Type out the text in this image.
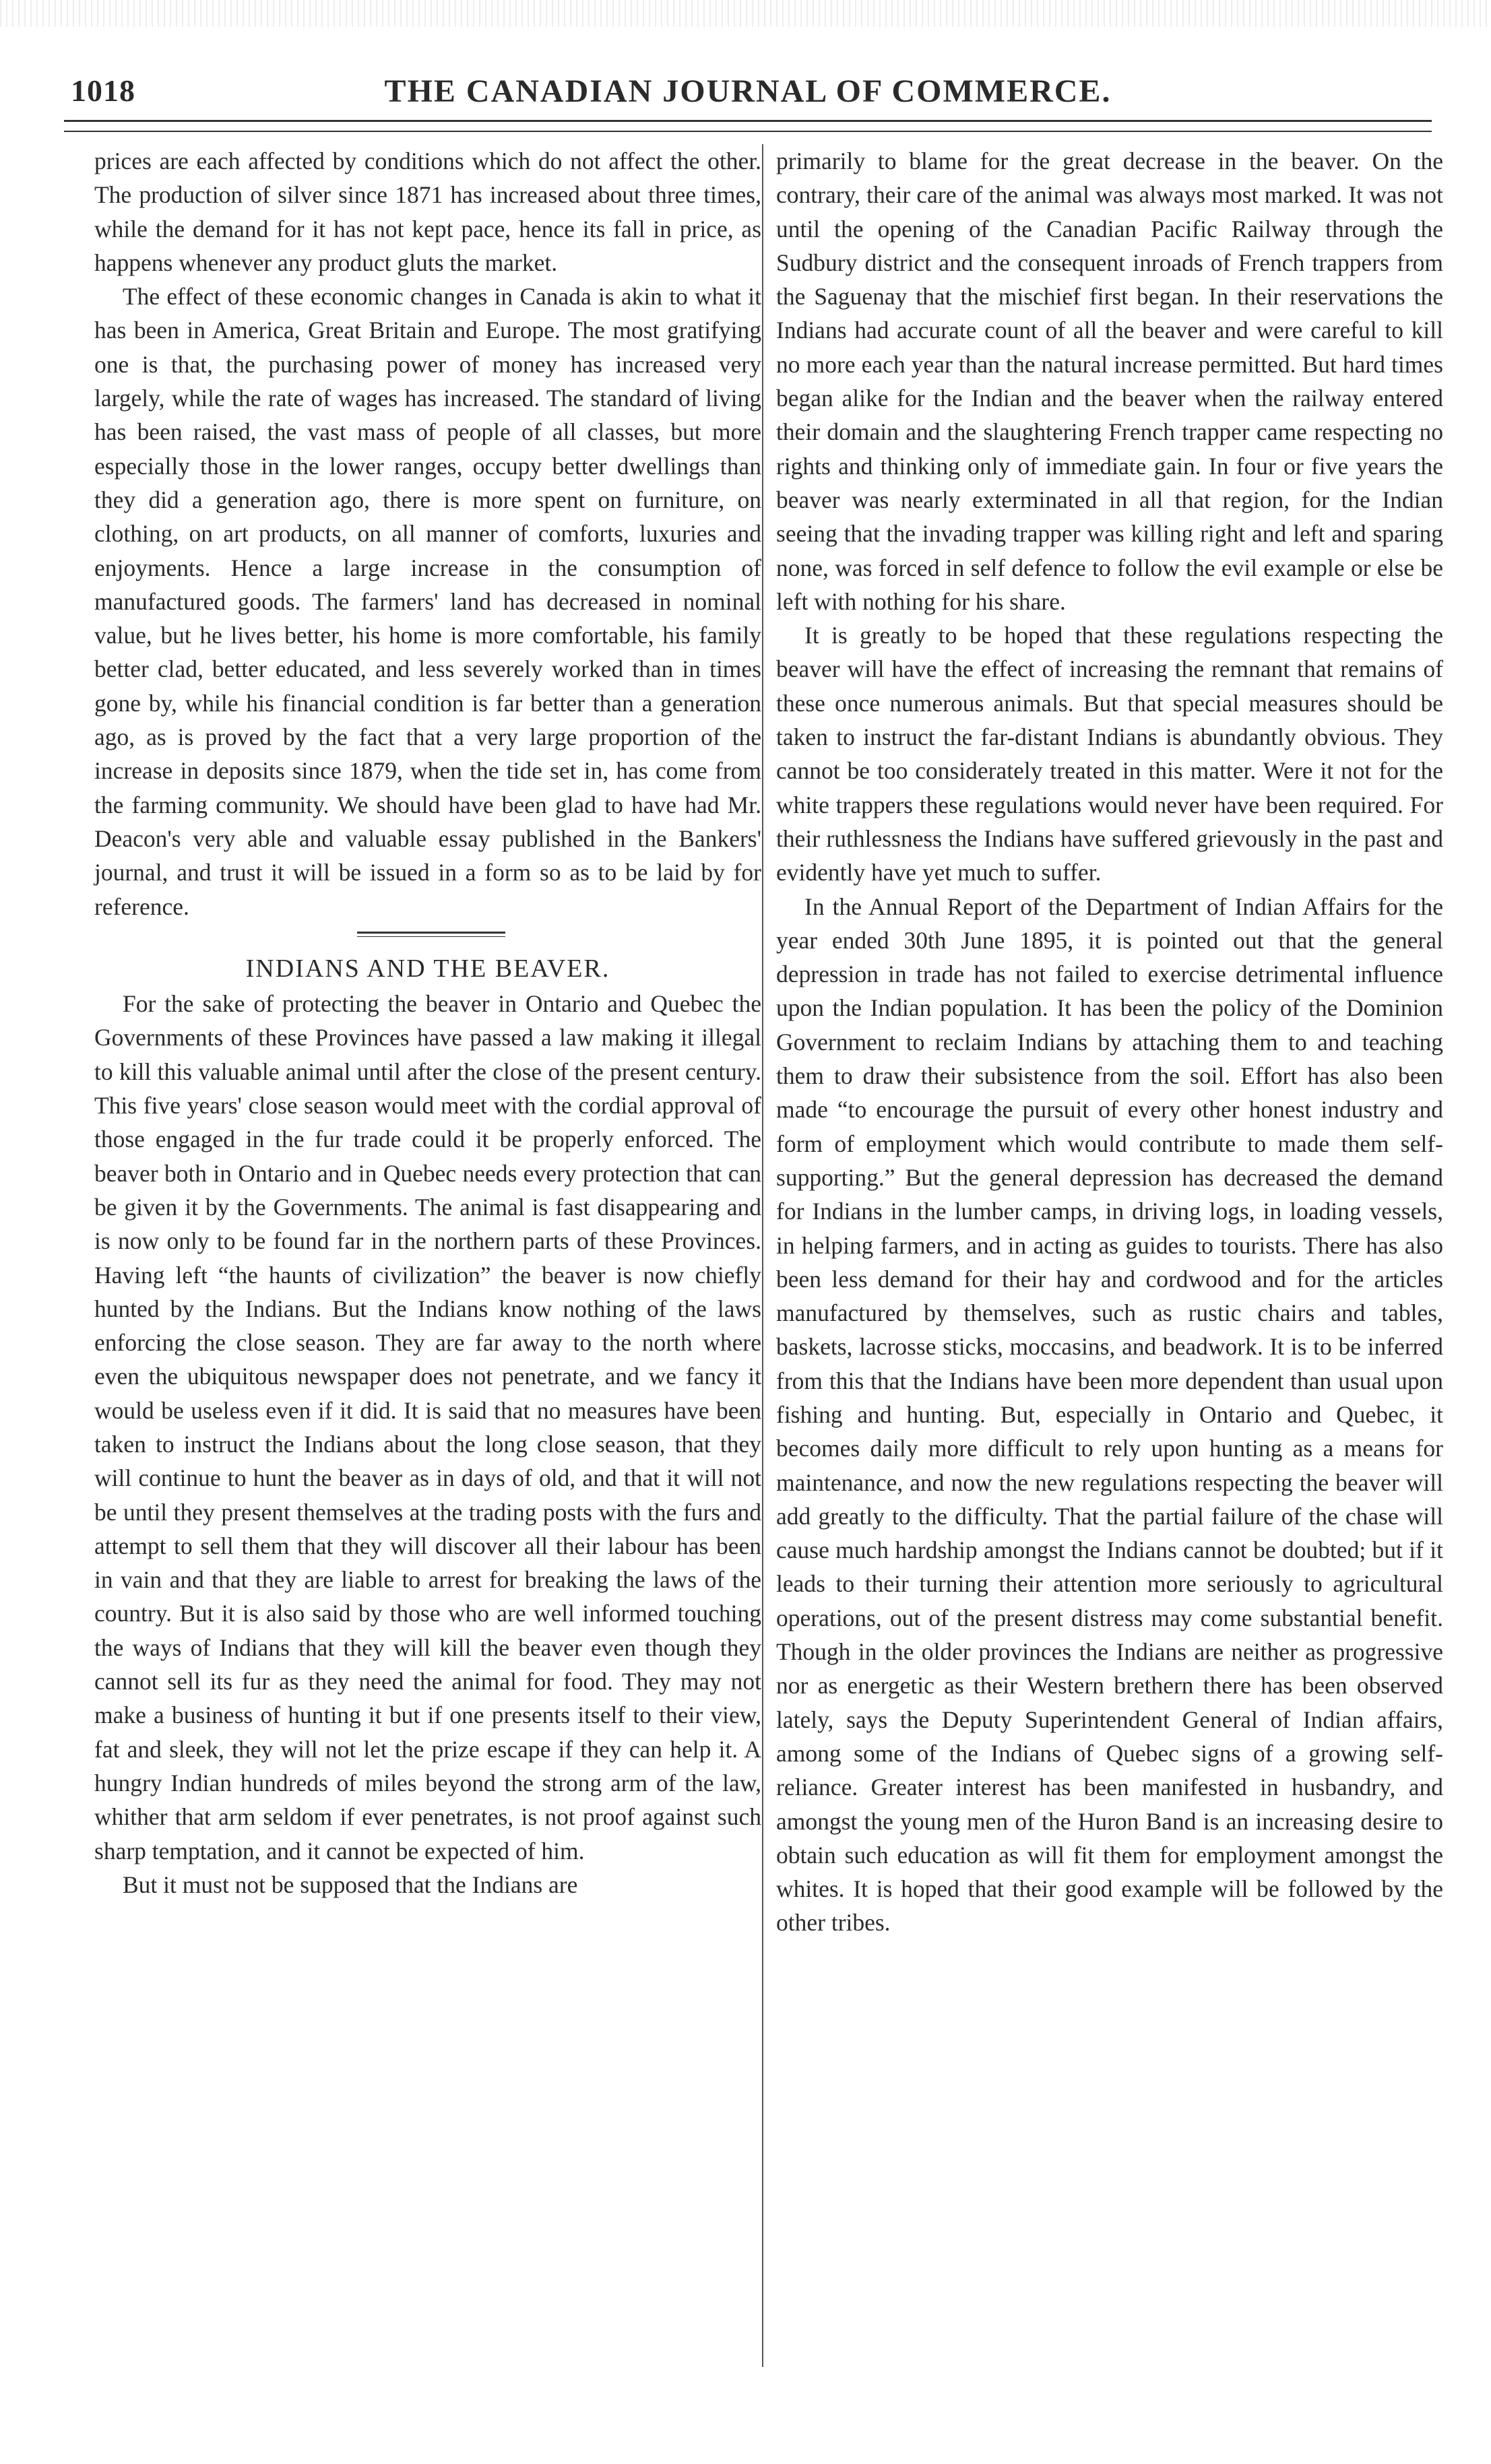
1018	THE CANADIAN JOURNAL OF COMMERCE.

prices are each affected by conditions which do not affect the other. The production of silver since 1871 has increased about three times, while the demand for it has not kept pace, hence its fall in price, as happens whenever any product gluts the market.

The effect of these economic changes in Canada is akin to what it has been in America, Great Britain and Europe. The most gratifying one is that, the purchasing power of money has increased very largely, while the rate of wages has increased. The standard of living has been raised, the vast mass of people of all classes, but more especially those in the lower ranges, occupy better dwellings than they did a generation ago, there is more spent on furniture, on clothing, on art products, on all manner of comforts, luxuries and enjoyments. Hence a large increase in the consumption of manufactured goods. The farmers' land has decreased in nominal value, but he lives better, his home is more comfortable, his family better clad, better educated, and less severely worked than in times gone by, while his financial condition is far better than a generation ago, as is proved by the fact that a very large proportion of the increase in deposits since 1879, when the tide set in, has come from the farming community. We should have been glad to have had Mr. Deacon's very able and valuable essay published in the Bankers' journal, and trust it will be issued in a form so as to be laid by for reference.

INDIANS AND THE BEAVER.

For the sake of protecting the beaver in Ontario and Quebec the Governments of these Provinces have passed a law making it illegal to kill this valuable animal until after the close of the present century. This five years' close season would meet with the cordial approval of those engaged in the fur trade could it be properly enforced. The beaver both in Ontario and in Quebec needs every protection that can be given it by the Governments. The animal is fast disappearing and is now only to be found far in the northern parts of these Provinces. Having left “the haunts of civilization” the beaver is now chiefly hunted by the Indians. But the Indians know nothing of the laws enforcing the close season. They are far away to the north where even the ubiquitous newspaper does not penetrate, and we fancy it would be useless even if it did. It is said that no measures have been taken to instruct the Indians about the long close season, that they will continue to hunt the beaver as in days of old, and that it will not be until they present themselves at the trading posts with the furs and attempt to sell them that they will discover all their labour has been in vain and that they are liable to arrest for breaking the laws of the country. But it is also said by those who are well informed touching the ways of Indians that they will kill the beaver even though they cannot sell its fur as they need the animal for food. They may not make a business of hunting it but if one presents itself to their view, fat and sleek, they will not let the prize escape if they can help it. A hungry Indian hundreds of miles beyond the strong arm of the law, whither that arm seldom if ever penetrates, is not proof against such sharp temptation, and it cannot be expected of him.

But it must not be supposed that the Indians are

primarily to blame for the great decrease in the beaver. On the contrary, their care of the animal was always most marked. It was not until the opening of the Canadian Pacific Railway through the Sudbury district and the consequent inroads of French trappers from the Saguenay that the mischief first began. In their reservations the Indians had accurate count of all the beaver and were careful to kill no more each year than the natural increase permitted. But hard times began alike for the Indian and the beaver when the railway entered their domain and the slaughtering French trapper came respecting no rights and thinking only of immediate gain. In four or five years the beaver was nearly exterminated in all that region, for the Indian seeing that the invading trapper was killing right and left and sparing none, was forced in self defence to follow the evil example or else be left with nothing for his share.

It is greatly to be hoped that these regulations respecting the beaver will have the effect of increasing the remnant that remains of these once numerous animals. But that special measures should be taken to instruct the far-distant Indians is abundantly obvious. They cannot be too considerately treated in this matter. Were it not for the white trappers these regulations would never have been required. For their ruthlessness the Indians have suffered grievously in the past and evidently have yet much to suffer.

In the Annual Report of the Department of Indian Affairs for the year ended 30th June 1895, it is pointed out that the general depression in trade has not failed to exercise detrimental influence upon the Indian population. It has been the policy of the Dominion Government to reclaim Indians by attaching them to and teaching them to draw their subsistence from the soil. Effort has also been made “to encourage the pursuit of every other honest industry and form of employment which would contribute to made them self-supporting.” But the general depression has decreased the demand for Indians in the lumber camps, in driving logs, in loading vessels, in helping farmers, and in acting as guides to tourists. There has also been less demand for their hay and cordwood and for the articles manufactured by themselves, such as rustic chairs and tables, baskets, lacrosse sticks, moccasins, and beadwork. It is to be inferred from this that the Indians have been more dependent than usual upon fishing and hunting. But, especially in Ontario and Quebec, it becomes daily more difficult to rely upon hunting as a means for maintenance, and now the new regulations respecting the beaver will add greatly to the difficulty. That the partial failure of the chase will cause much hardship amongst the Indians cannot be doubted; but if it leads to their turning their attention more seriously to agricultural operations, out of the present distress may come substantial benefit. Though in the older provinces the Indians are neither as progressive nor as energetic as their Western brethern there has been observed lately, says the Deputy Superintendent General of Indian affairs, among some of the Indians of Quebec signs of a growing self-reliance. Greater interest has been manifested in husbandry, and amongst the young men of the Huron Band is an increasing desire to obtain such education as will fit them for employment amongst the whites. It is hoped that their good example will be followed by the other tribes.
